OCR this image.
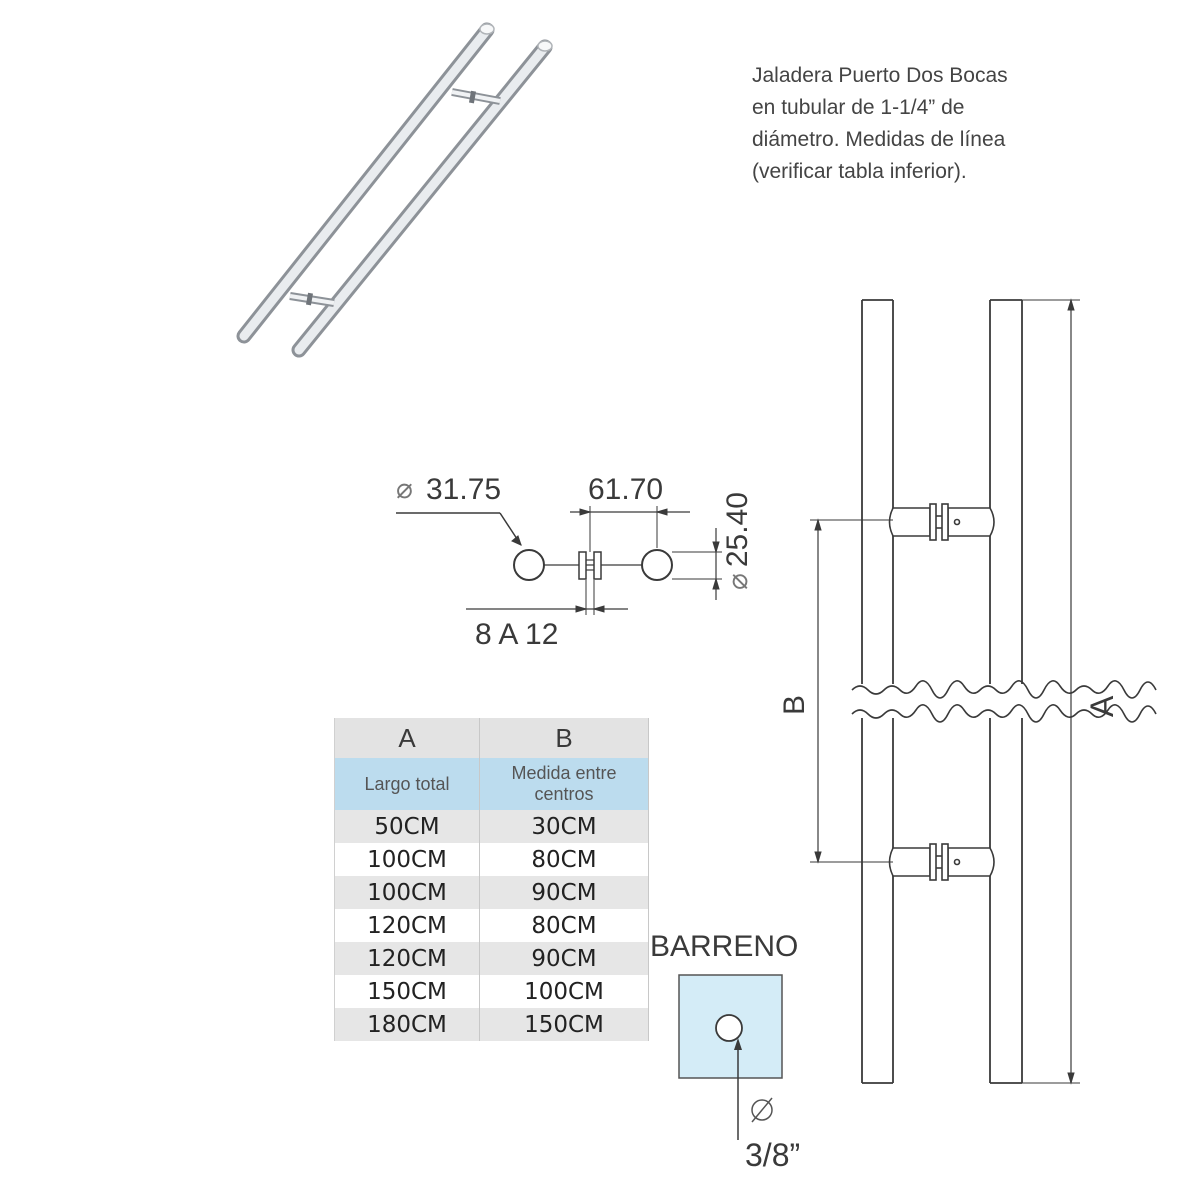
Jaladera Puerto Dos Bocas
en tubular de 1-1/4” de
diámetro. Medidas de línea
(verificar tabla inferior).
⌀ 31.75	61.70
8 A 12
⌀25.40
B	A
A	B
Largo total	Medida entre centros
50CM	30CM
100CM	80CM
100CM	90CM
120CM	80CM
120CM	90CM
150CM	100CM
180CM	150CM
BARRENO
3/8”
